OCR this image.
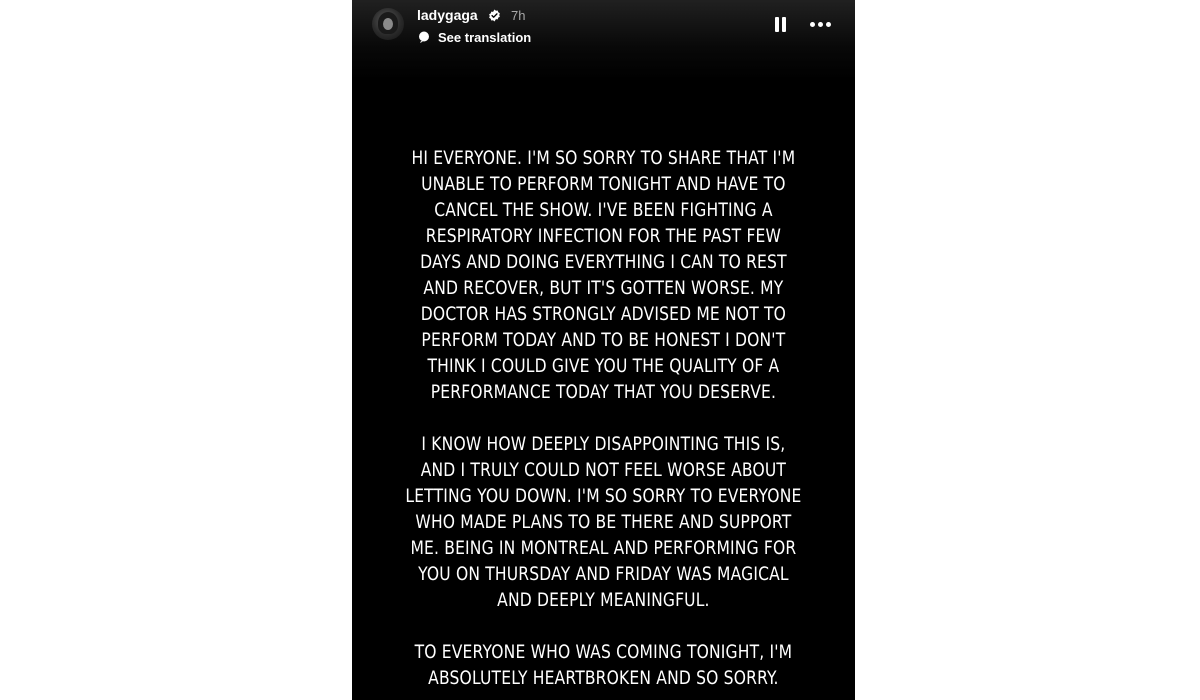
ladygaga	7h
See translation
HI EVERYONE. I'M SO SORRY TO SHARE THAT I'M
UNABLE TO PERFORM TONIGHT AND HAVE TO
CANCEL THE SHOW. I'VE BEEN FIGHTING A
RESPIRATORY INFECTION FOR THE PAST FEW
DAYS AND DOING EVERYTHING I CAN TO REST
AND RECOVER, BUT IT'S GOTTEN WORSE. MY
DOCTOR HAS STRONGLY ADVISED ME NOT TO
PERFORM TODAY AND TO BE HONEST I DON'T
THINK I COULD GIVE YOU THE QUALITY OF A
PERFORMANCE TODAY THAT YOU DESERVE.
I KNOW HOW DEEPLY DISAPPOINTING THIS IS,
AND I TRULY COULD NOT FEEL WORSE ABOUT
LETTING YOU DOWN. I'M SO SORRY TO EVERYONE
WHO MADE PLANS TO BE THERE AND SUPPORT
ME. BEING IN MONTREAL AND PERFORMING FOR
YOU ON THURSDAY AND FRIDAY WAS MAGICAL
AND DEEPLY MEANINGFUL.
TO EVERYONE WHO WAS COMING TONIGHT, I'M
ABSOLUTELY HEARTBROKEN AND SO SORRY.
